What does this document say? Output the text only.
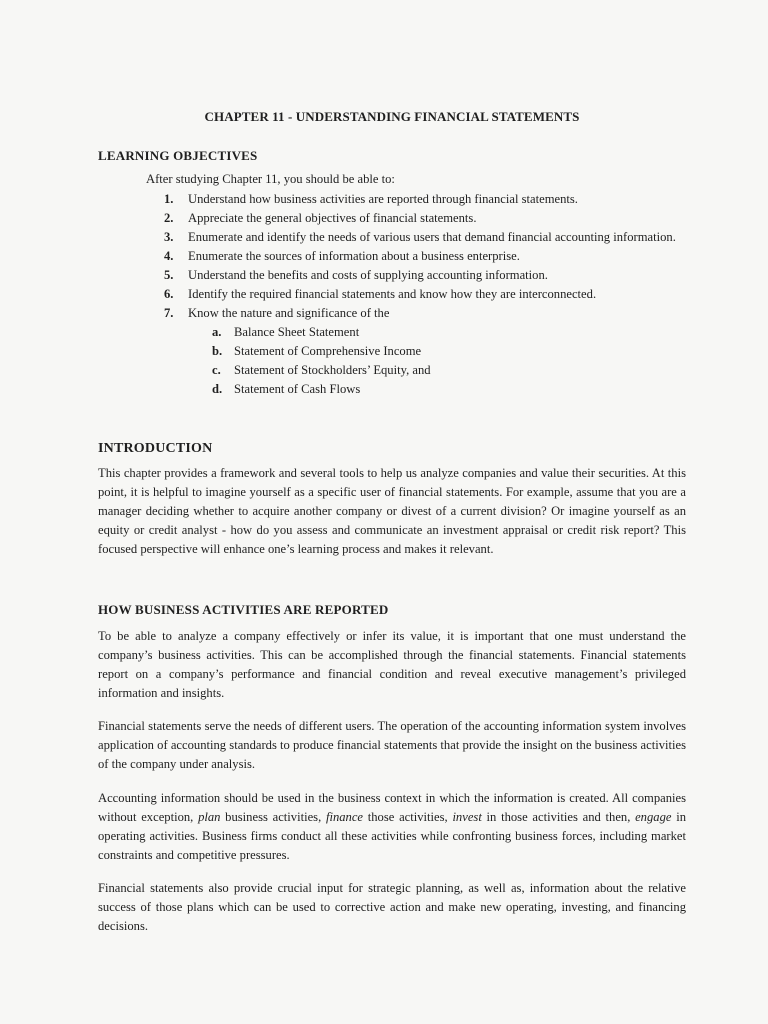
CHAPTER 11 - UNDERSTANDING FINANCIAL STATEMENTS
LEARNING OBJECTIVES
After studying Chapter 11, you should be able to:
1. Understand how business activities are reported through financial statements.
2. Appreciate the general objectives of financial statements.
3. Enumerate and identify the needs of various users that demand financial accounting information.
4. Enumerate the sources of information about a business enterprise.
5. Understand the benefits and costs of supplying accounting information.
6. Identify the required financial statements and know how they are interconnected.
7. Know the nature and significance of the
a. Balance Sheet Statement
b. Statement of Comprehensive Income
c. Statement of Stockholders’ Equity, and
d. Statement of Cash Flows
INTRODUCTION

This chapter provides a framework and several tools to help us analyze companies and value their securities. At this point, it is helpful to imagine yourself as a specific user of financial statements. For example, assume that you are a manager deciding whether to acquire another company or divest of a current division? Or imagine yourself as an equity or credit analyst - how do you assess and communicate an investment appraisal or credit risk report? This focused perspective will enhance one’s learning process and makes it relevant.

HOW BUSINESS ACTIVITIES ARE REPORTED

To be able to analyze a company effectively or infer its value, it is important that one must understand the company’s business activities. This can be accomplished through the financial statements. Financial statements report on a company’s performance and financial condition and reveal executive management’s privileged information and insights.

Financial statements serve the needs of different users. The operation of the accounting information system involves application of accounting standards to produce financial statements that provide the insight on the business activities of the company under analysis.

Accounting information should be used in the business context in which the information is created. All companies without exception, plan business activities, finance those activities, invest in those activities and then, engage in operating activities. Business firms conduct all these activities while confronting business forces, including market constraints and competitive pressures.

Financial statements also provide crucial input for strategic planning, as well as, information about the relative success of those plans which can be used to corrective action and make new operating, investing, and financing decisions.
